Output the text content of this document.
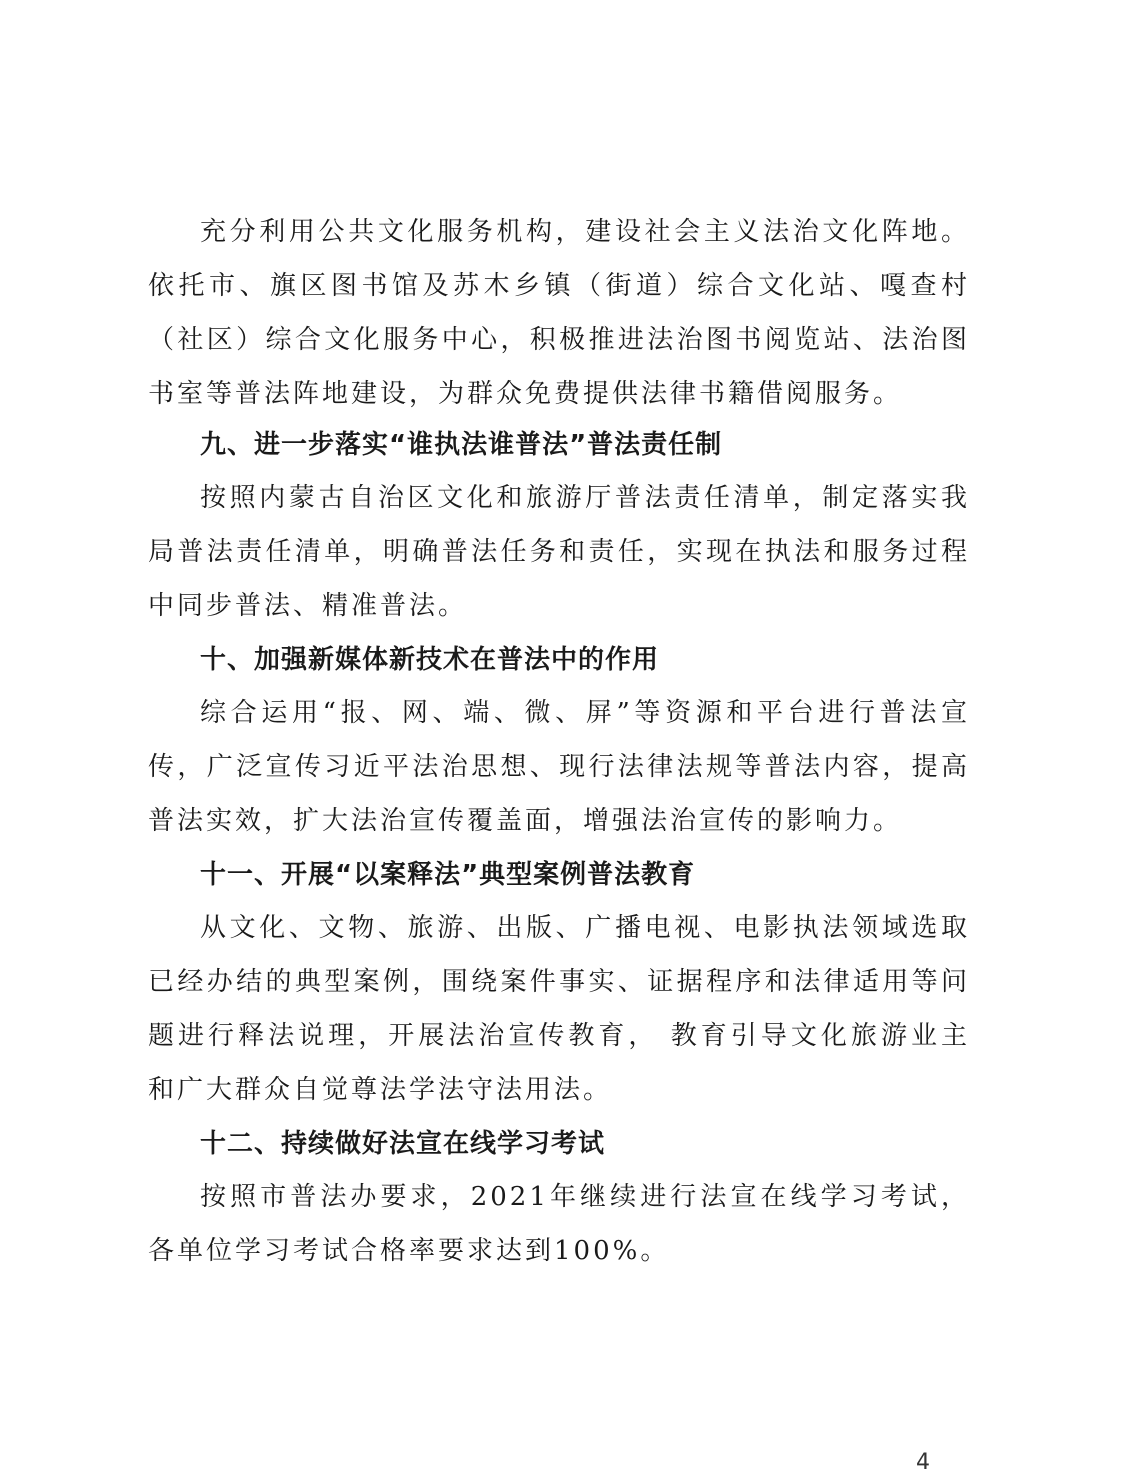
充分利用公共文化服务机构，建设社会主义法治文化阵地。依托市、旗区图书馆及苏木乡镇（街道）综合文化站、嘎查村（社区）综合文化服务中心，积极推进法治图书阅览站、法治图书室等普法阵地建设，为群众免费提供法律书籍借阅服务。

九、进一步落实“谁执法谁普法”普法责任制

按照内蒙古自治区文化和旅游厅普法责任清单，制定落实我局普法责任清单，明确普法任务和责任，实现在执法和服务过程中同步普法、精准普法。

十、加强新媒体新技术在普法中的作用

综合运用“报、网、端、微、屏”等资源和平台进行普法宣传，广泛宣传习近平法治思想、现行法律法规等普法内容，提高普法实效，扩大法治宣传覆盖面，增强法治宣传的影响力。

十一、开展“以案释法”典型案例普法教育

从文化、文物、旅游、出版、广播电视、电影执法领域选取已经办结的典型案例，围绕案件事实、证据程序和法律适用等问题进行释法说理，开展法治宣传教育， 教育引导文化旅游业主和广大群众自觉尊法学法守法用法。

十二、持续做好法宣在线学习考试

按照市普法办要求，2021年继续进行法宣在线学习考试，各单位学习考试合格率要求达到100%。

4
